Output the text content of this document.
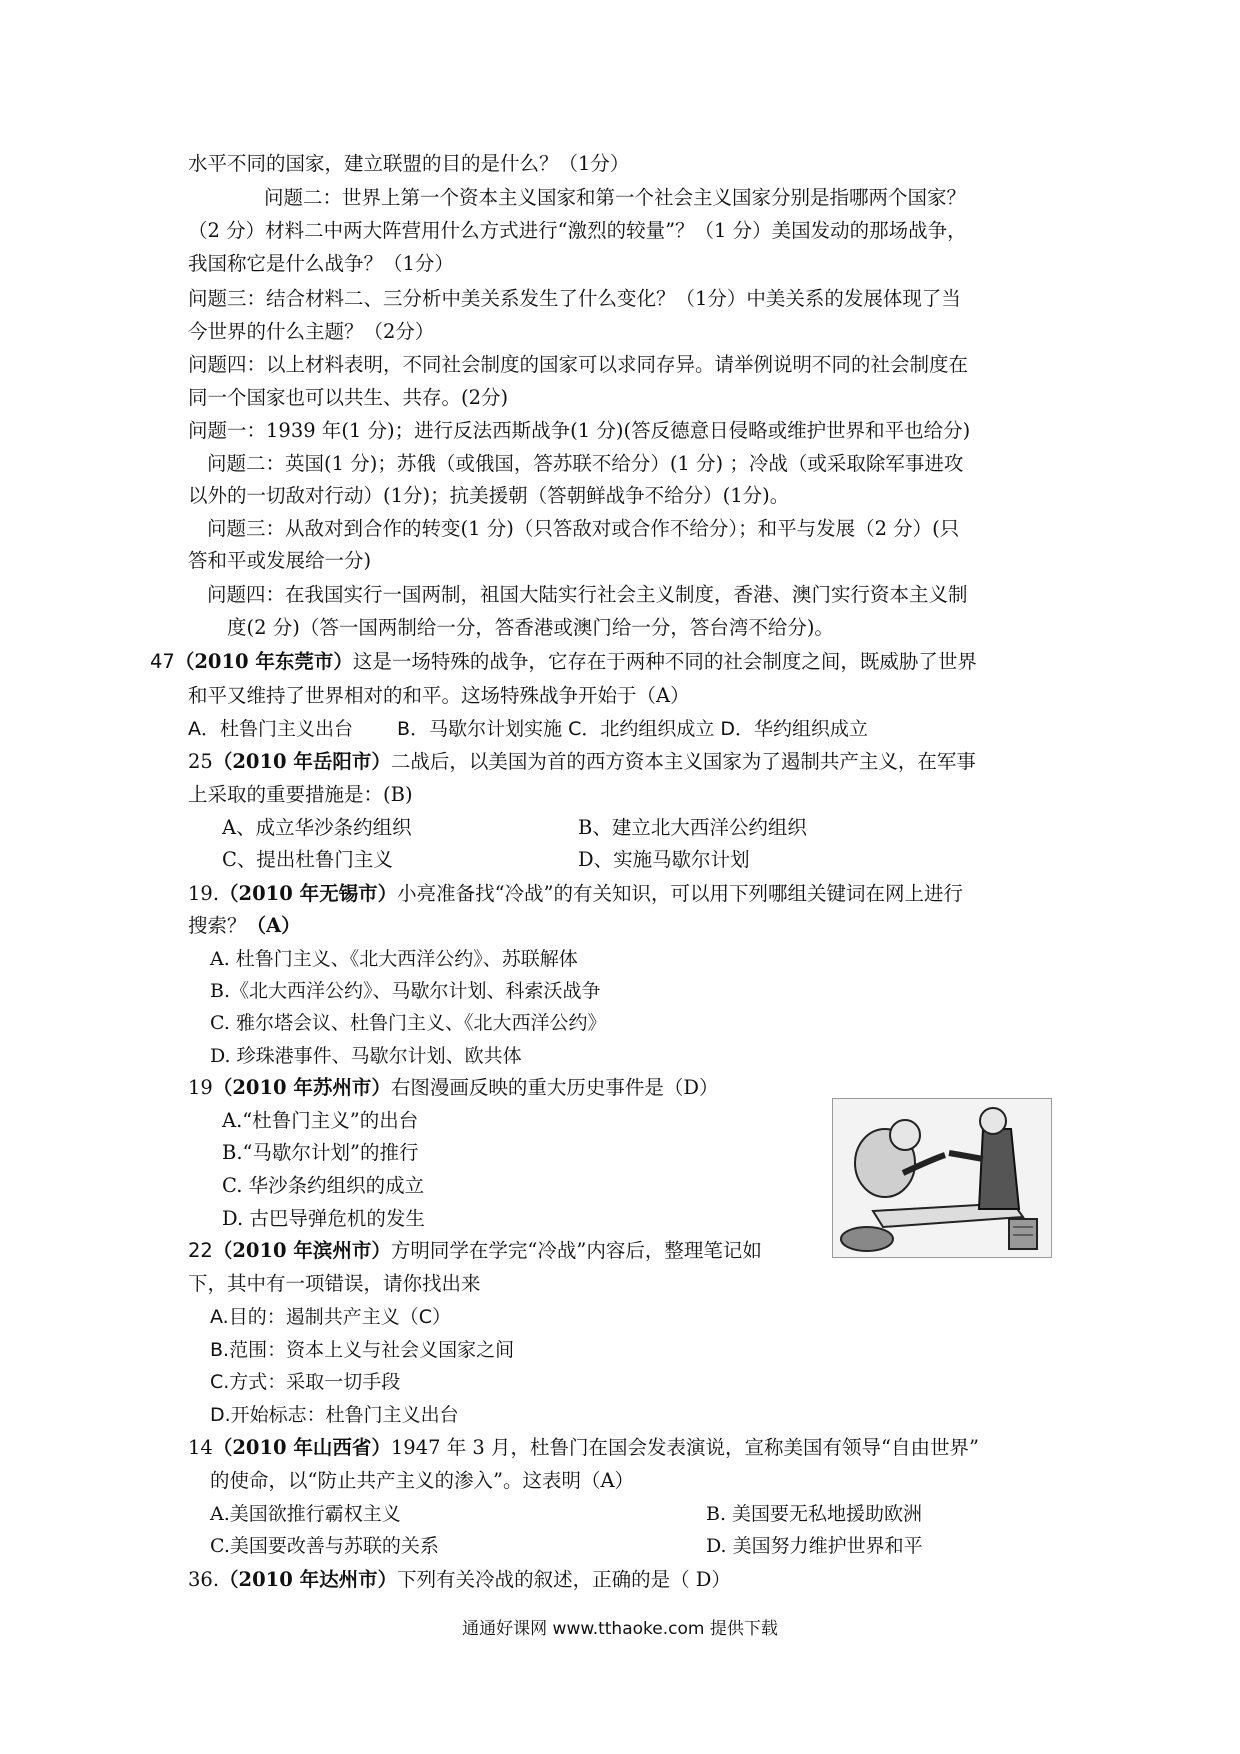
水平不同的国家，建立联盟的目的是什么？（1分）
问题二：世界上第一个资本主义国家和第一个社会主义国家分别是指哪两个国家？
（2 分）材料二中两大阵营用什么方式进行“激烈的较量”？（1 分）美国发动的那场战争，
我国称它是什么战争？（1分）
问题三：结合材料二、三分析中美关系发生了什么变化？（1分）中美关系的发展体现了当
今世界的什么主题？（2分）
问题四：以上材料表明，不同社会制度的国家可以求同存异。请举例说明不同的社会制度在
同一个国家也可以共生、共存。(2分)
问题一：1939 年(1 分)；进行反法西斯战争(1 分)(答反德意日侵略或维护世界和平也给分)
问题二：英国(1 分)；苏俄（或俄国，答苏联不给分）(1 分) ；冷战（或采取除军事进攻
以外的一切敌对行动）(1分)；抗美援朝（答朝鲜战争不给分）(1分)。
问题三：从敌对到合作的转变(1 分)（只答敌对或合作不给分）；和平与发展（2 分）(只
答和平或发展给一分)
问题四：在我国实行一国两制，祖国大陆实行社会主义制度，香港、澳门实行资本主义制
度(2 分)（答一国两制给一分，答香港或澳门给一分，答台湾不给分)。
47（2010 年东莞市）这是一场特殊的战争，它存在于两种不同的社会制度之间，既威胁了世界
和平又维持了世界相对的和平。这场特殊战争开始于（A）
A．杜鲁门主义出台　　 B．马歇尔计划实施 C．北约组织成立 D．华约组织成立
25（2010 年岳阳市）二战后，以美国为首的西方资本主义国家为了遏制共产主义，在军事
上采取的重要措施是：(B)
A、成立华沙条约组织	B、建立北大西洋公约组织
C、提出杜鲁门主义	D、实施马歇尔计划
19.（2010 年无锡市）小亮准备找“冷战”的有关知识，可以用下列哪组关键词在网上进行
搜索？（A）
A. 杜鲁门主义、《北大西洋公约》、苏联解体
B.《北大西洋公约》、马歇尔计划、科索沃战争
C. 雅尔塔会议、杜鲁门主义、《北大西洋公约》
D. 珍珠港事件、马歇尔计划、欧共体
19（2010 年苏州市）右图漫画反映的重大历史事件是（D）
A.“杜鲁门主义”的出台
B.“马歇尔计划”的推行
C. 华沙条约组织的成立
D. 古巴导弹危机的发生
22（2010 年滨州市）方明同学在学完“冷战”内容后，整理笔记如
下，其中有一项错误，请你找出来
A.目的：遏制共产主义（C）
B.范围：资本上义与社会义国家之间
C.方式：采取一切手段
D.开始标志：杜鲁门主义出台
14（2010 年山西省）1947 年 3 月，杜鲁门在国会发表演说，宣称美国有领导“自由世界”
的使命，以“防止共产主义的渗入”。这表明（A）
A.美国欲推行霸权主义	B. 美国要无私地援助欧洲
C.美国要改善与苏联的关系	D. 美国努力维护世界和平
36.（2010 年达州市）下列有关冷战的叙述，正确的是（ D）
通通好课网 www.tthaoke.com 提供下载
